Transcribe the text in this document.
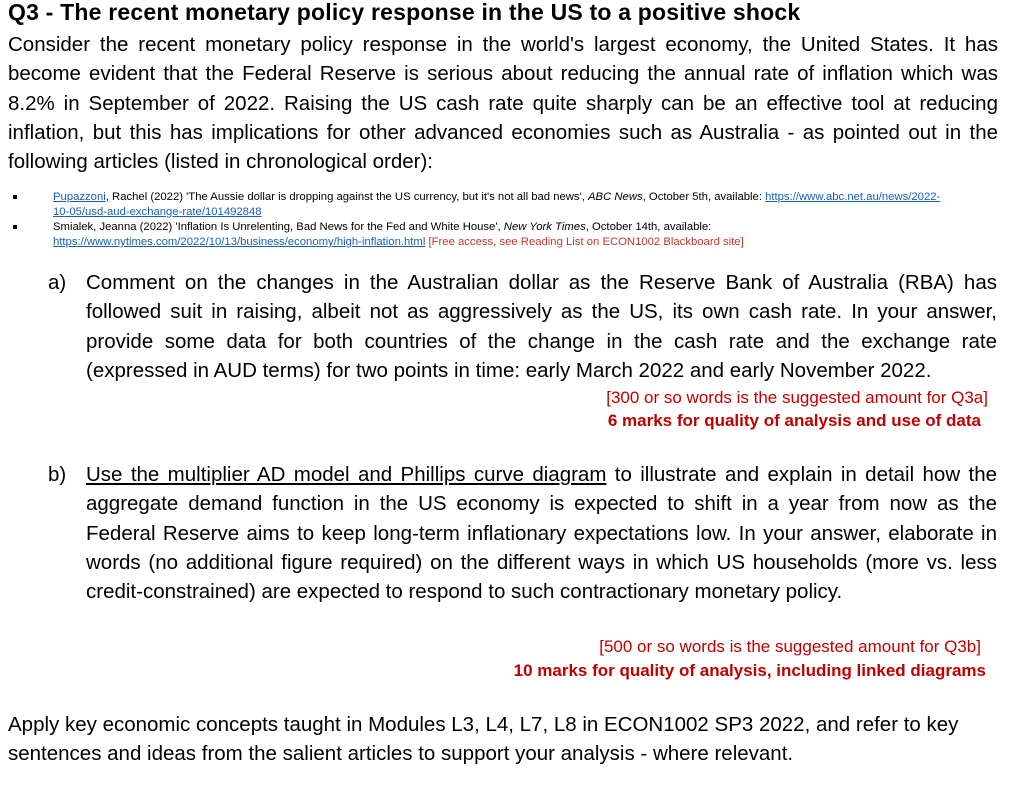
Q3 - The recent monetary policy response in the US to a positive shock
Consider the recent monetary policy response in the world's largest economy, the United States. It has become evident that the Federal Reserve is serious about reducing the annual rate of inflation which was 8.2% in September of 2022. Raising the US cash rate quite sharply can be an effective tool at reducing inflation, but this has implications for other advanced economies such as Australia - as pointed out in the following articles (listed in chronological order):
Pupazzoni, Rachel (2022) 'The Aussie dollar is dropping against the US currency, but it's not all bad news', ABC News, October 5th, available: https://www.abc.net.au/news/2022-
10-05/usd-aud-exchange-rate/101492848
Smialek, Jeanna (2022) 'Inflation Is Unrelenting, Bad News for the Fed and White House', New York Times, October 14th, available:
https://www.nytimes.com/2022/10/13/business/economy/high-inflation.html [Free access, see Reading List on ECON1002 Blackboard site]
a) Comment on the changes in the Australian dollar as the Reserve Bank of Australia (RBA) has followed suit in raising, albeit not as aggressively as the US, its own cash rate. In your answer, provide some data for both countries of the change in the cash rate and the exchange rate (expressed in AUD terms) for two points in time: early March 2022 and early November 2022.
[300 or so words is the suggested amount for Q3a]
6 marks for quality of analysis and use of data
b) Use the multiplier AD model and Phillips curve diagram to illustrate and explain in detail how the aggregate demand function in the US economy is expected to shift in a year from now as the Federal Reserve aims to keep long-term inflationary expectations low. In your answer, elaborate in words (no additional figure required) on the different ways in which US households (more vs. less credit-constrained) are expected to respond to such contractionary monetary policy.
[500 or so words is the suggested amount for Q3b]
10 marks for quality of analysis, including linked diagrams
Apply key economic concepts taught in Modules L3, L4, L7, L8 in ECON1002 SP3 2022, and refer to key sentences and ideas from the salient articles to support your analysis - where relevant.
